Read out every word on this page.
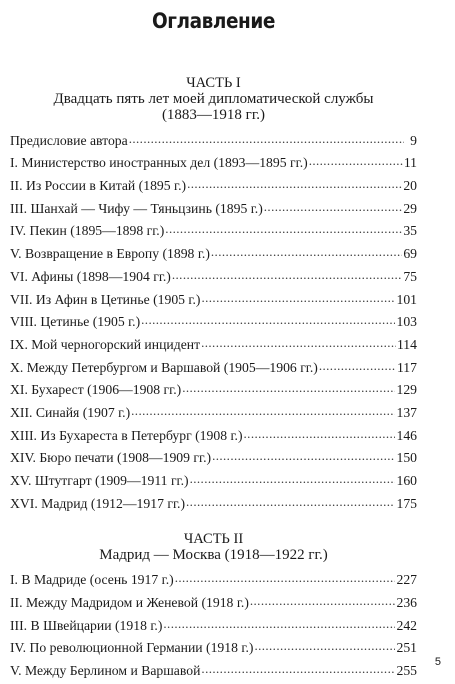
Оглавление
ЧАСТЬ I
Двадцать пять лет моей дипломатической службы
(1883—1918 гг.)
Предисловие автора .....	9
I. Министерство иностранных дел (1893—1895 гг.) .....	11
II. Из России в Китай (1895 г.) .....	20
III. Шанхай — Чифу — Тяньцзинь (1895 г.) .....	29
IV. Пекин (1895—1898 гг.) .....	35
V. Возвращение в Европу (1898 г.) .....	69
VI. Афины (1898—1904 гг.) .....	75
VII. Из Афин в Цетинье (1905 г.) .....	101
VIII. Цетинье (1905 г.) .....	103
IX. Мой черногорский инцидент .....	114
X. Между Петербургом и Варшавой (1905—1906 гг.) .....	117
XI. Бухарест (1906—1908 гг.) .....	129
XII. Синайя (1907 г.) .....	137
XIII. Из Бухареста в Петербург (1908 г.) .....	146
XIV. Бюро печати (1908—1909 гг.) .....	150
XV. Штутгарт (1909—1911 гг.) .....	160
XVI. Мадрид (1912—1917 гг.) .....	175
ЧАСТЬ II
Мадрид — Москва (1918—1922 гг.)
I. В Мадриде (осень 1917 г.) .....	227
II. Между Мадридом и Женевой (1918 г.) .....	236
III. В Швейцарии (1918 г.) .....	242
IV. По революционной Германии (1918 г.) .....	251
V. Между Берлином и Варшавой .....	255
5
